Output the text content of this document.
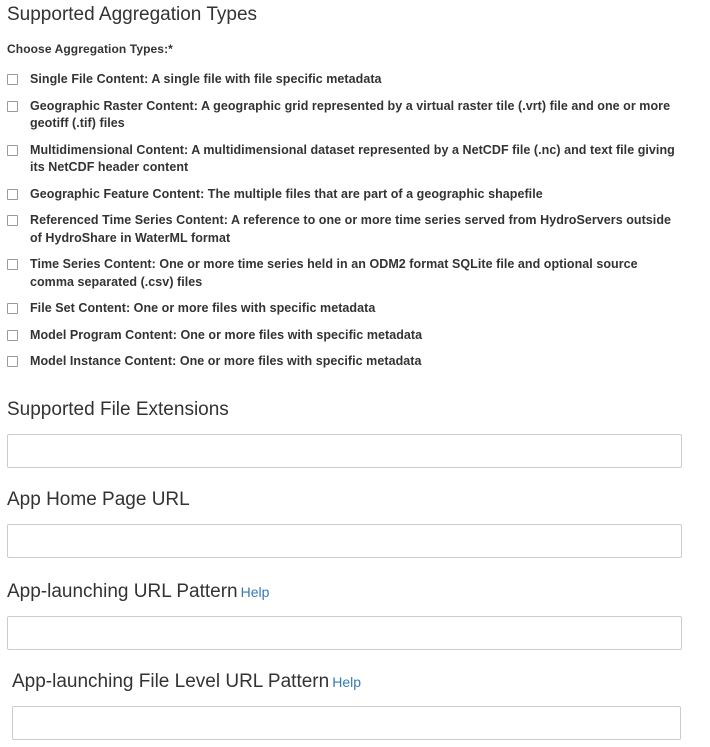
Supported Aggregation Types
Choose Aggregation Types:*
Single File Content: A single file with file specific metadata
Geographic Raster Content: A geographic grid represented by a virtual raster tile (.vrt) file and one or more geotiff (.tif) files
Multidimensional Content: A multidimensional dataset represented by a NetCDF file (.nc) and text file giving its NetCDF header content
Geographic Feature Content: The multiple files that are part of a geographic shapefile
Referenced Time Series Content: A reference to one or more time series served from HydroServers outside of HydroShare in WaterML format
Time Series Content: One or more time series held in an ODM2 format SQLite file and optional source comma separated (.csv) files
File Set Content: One or more files with specific metadata
Model Program Content: One or more files with specific metadata
Model Instance Content: One or more files with specific metadata
Supported File Extensions
App Home Page URL
App-launching URL Pattern Help
App-launching File Level URL Pattern Help
